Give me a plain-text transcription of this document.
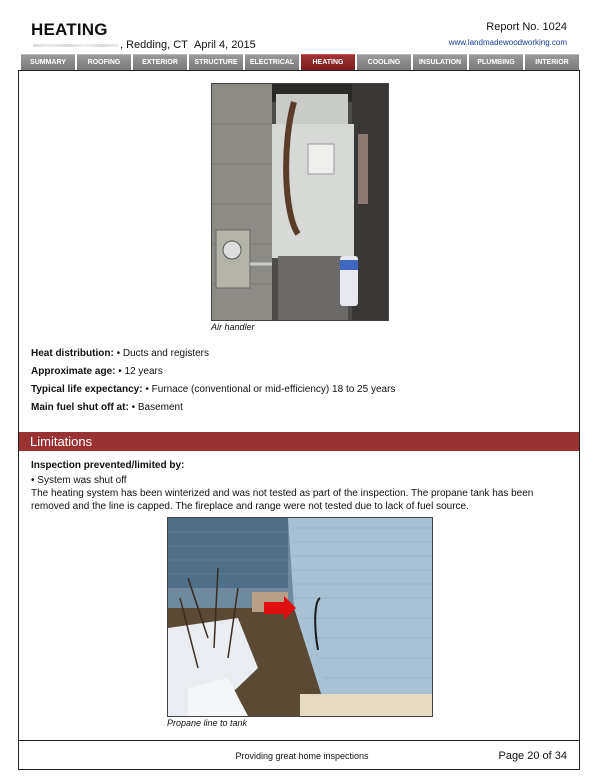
HEATING
, Redding, CT April 4, 2015
Report No. 1024
www.landmadewoodworking.com
SUMMARY	ROOFING	EXTERIOR	STRUCTURE	ELECTRICAL	HEATING	COOLING	INSULATION	PLUMBING	INTERIOR
Air handler
Heat distribution: • Ducts and registers
Approximate age: • 12 years
Typical life expectancy: • Furnace (conventional or mid-efficiency) 18 to 25 years
Main fuel shut off at: • Basement
Limitations
Inspection prevented/limited by:
• System was shut off
The heating system has been winterized and was not tested as part of the inspection. The propane tank has been
removed and the line is capped. The fireplace and range were not tested due to lack of fuel source.
Propane line to tank
Providing great home inspections	Page 20 of 34
